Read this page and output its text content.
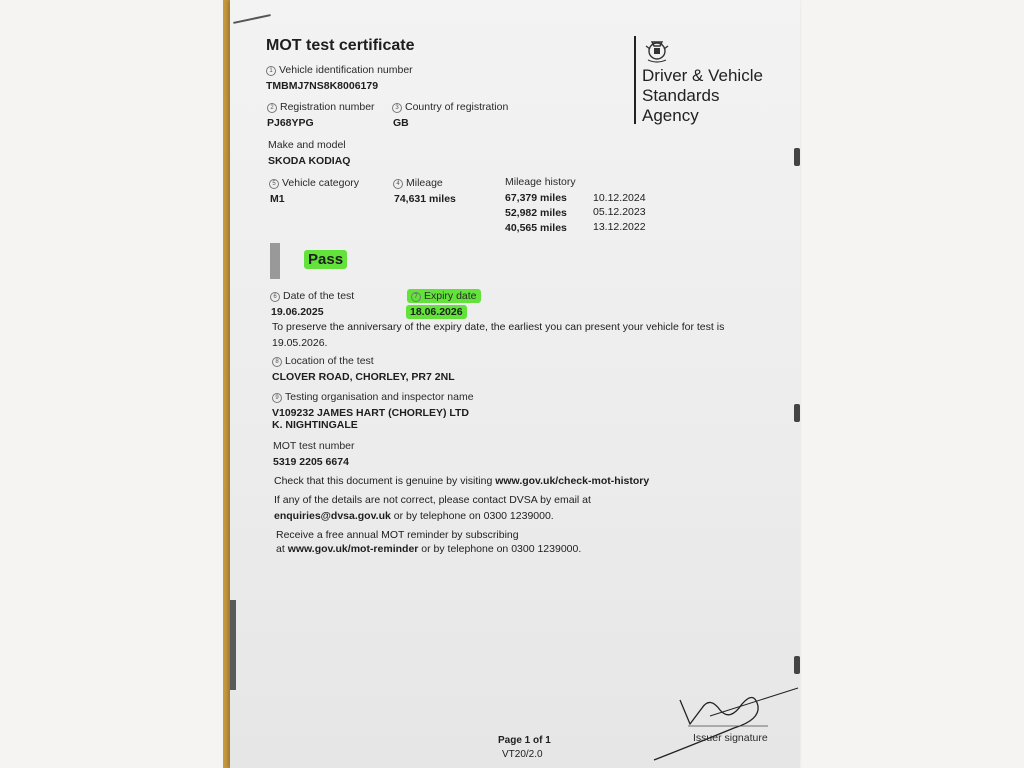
MOT test certificate
Driver & Vehicle
Standards
Agency
1 Vehicle identification number
TMBMJ7NS8K8006179
2 Registration number
PJ68YPG
3 Country of registration
GB
Make and model
SKODA KODIAQ
5 Vehicle category
M1
4 Mileage
74,631 miles
Mileage history
67,379 miles 10.12.2024
52,982 miles 05.12.2023
40,565 miles 13.12.2022
Pass
6 Date of the test
19.06.2025
7 Expiry date
18.06.2026
To preserve the anniversary of the expiry date, the earliest you can present your vehicle for test is
19.05.2026.
8 Location of the test
CLOVER ROAD, CHORLEY, PR7 2NL
9 Testing organisation and inspector name
V109232 JAMES HART (CHORLEY) LTD
K. NIGHTINGALE
MOT test number
5319 2205 6674
Check that this document is genuine by visiting www.gov.uk/check-mot-history
If any of the details are not correct, please contact DVSA by email at
enquiries@dvsa.gov.uk or by telephone on 0300 1239000.
Receive a free annual MOT reminder by subscribing
at www.gov.uk/mot-reminder or by telephone on 0300 1239000.
Issuer signature
Page 1 of 1
VT20/2.0
